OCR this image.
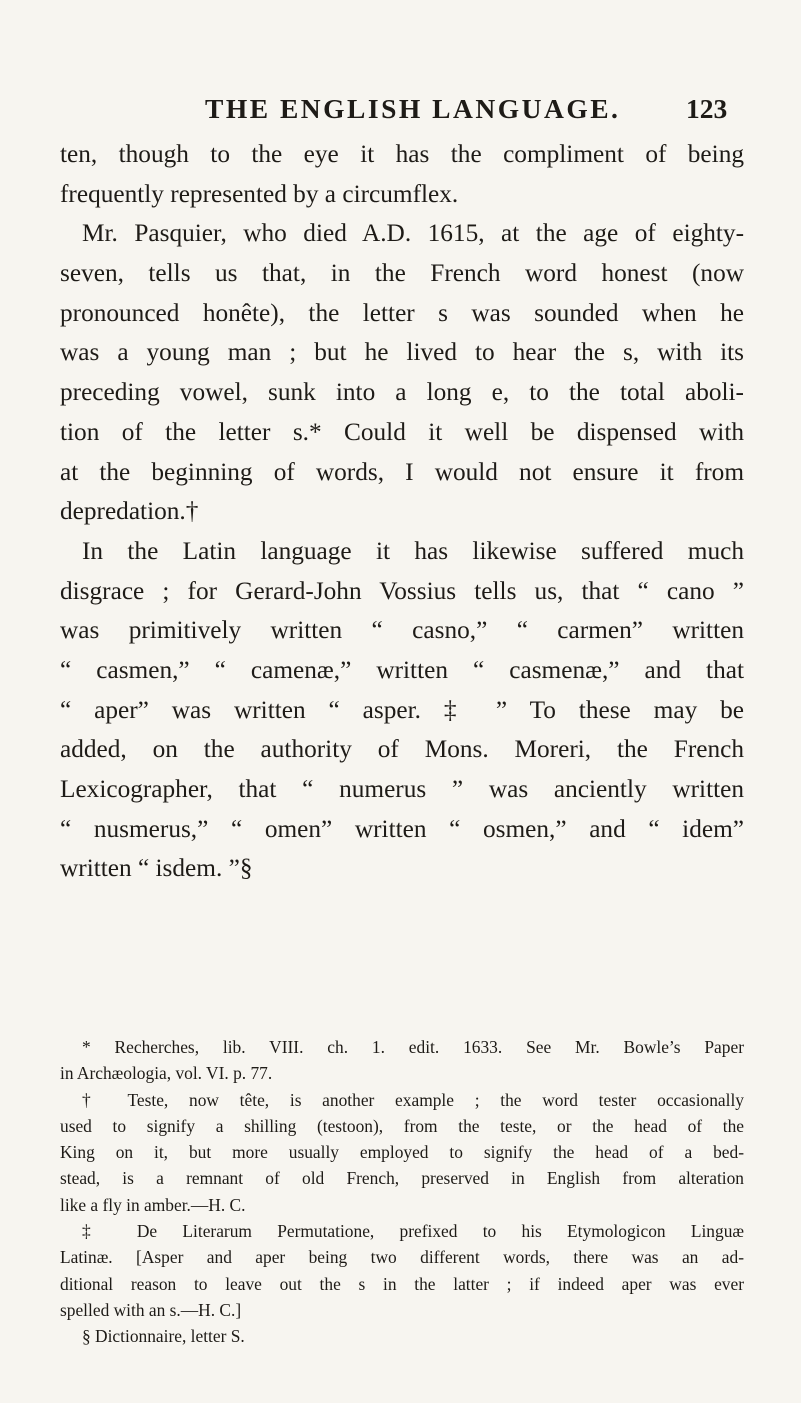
THE ENGLISH LANGUAGE. 123
ten, though to the eye it has the compliment of being
frequently represented by a circumflex.
Mr. Pasquier, who died A.D. 1615, at the age of eighty-
seven, tells us that, in the French word honest (now
pronounced honête), the letter s was sounded when he
was a young man ; but he lived to hear the s, with its
preceding vowel, sunk into a long e, to the total aboli-
tion of the letter s.* Could it well be dispensed with
at the beginning of words, I would not ensure it from
depredation.†
In the Latin language it has likewise suffered much
disgrace ; for Gerard-John Vossius tells us, that “ cano ”
was primitively written “ casno,” “ carmen” written
“ casmen,” “ camenæ,” written “ casmenæ,” and that
“ aper” was written “ asper. ‡ ” To these may be
added, on the authority of Mons. Moreri, the French
Lexicographer, that “ numerus ” was anciently written
“ nusmerus,” “ omen” written “ osmen,” and “ idem”
written “ isdem. ”§
* Recherches, lib. VIII. ch. 1. edit. 1633. See Mr. Bowle’s Paper
in Archæologia, vol. VI. p. 77.
† Teste, now tête, is another example ; the word tester occasionally
used to signify a shilling (testoon), from the teste, or the head of the
King on it, but more usually employed to signify the head of a bed-
stead, is a remnant of old French, preserved in English from alteration
like a fly in amber.—H. C.
‡ De Literarum Permutatione, prefixed to his Etymologicon Linguæ
Latinæ. [Asper and aper being two different words, there was an ad-
ditional reason to leave out the s in the latter ; if indeed aper was ever
spelled with an s.—H. C.]
§ Dictionnaire, letter S.
